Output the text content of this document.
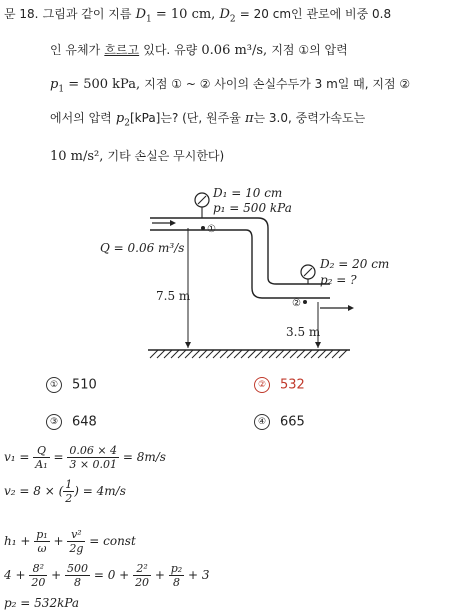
문 18. 그림과 같이 지름 $D_1 = 10$ cm, $D_2 = 20$ cm인 관로에 비중 0.8
인 유체가 흐르고 있다. 유량 0.06 m³/s, 지점 ①의 압력
$p_1 = 500$ kPa, 지점 ① ~ ② 사이의 손실수두가 3 m일 때, 지점 ②
에서의 압력 $p_2[kPa]$는? (단, 원주율 π는 3.0, 중력가속도는
10 m/s², 기타 손실은 무시한다)
①
②
D₁ = 10 cm
p₁ = 500 kPa
Q = 0.06 m³/s
D₂ = 20 cm
p₂ = ?
7.5 m
3.5 m
① 510	② 532
③ 648	④ 665
$v_1 = \frac{Q}{\text{A₁}} = \frac{0.06 \times 4}{3 \times 0.01} = 8m/s$
v₂ = 8 × ( $\frac{1}{2}$ ) = 4m/s
$h_1 + \frac{\text{p₁}}{\omega} + \frac{\text{v²}}{2g}$ = const
$4 + \frac{\text{8²}}{20} + \frac{500}{8} = 0 + \frac{\text{2²}}{20} + \frac{\text{p₂}}{8} + 3$
p₂ = 532kPa
